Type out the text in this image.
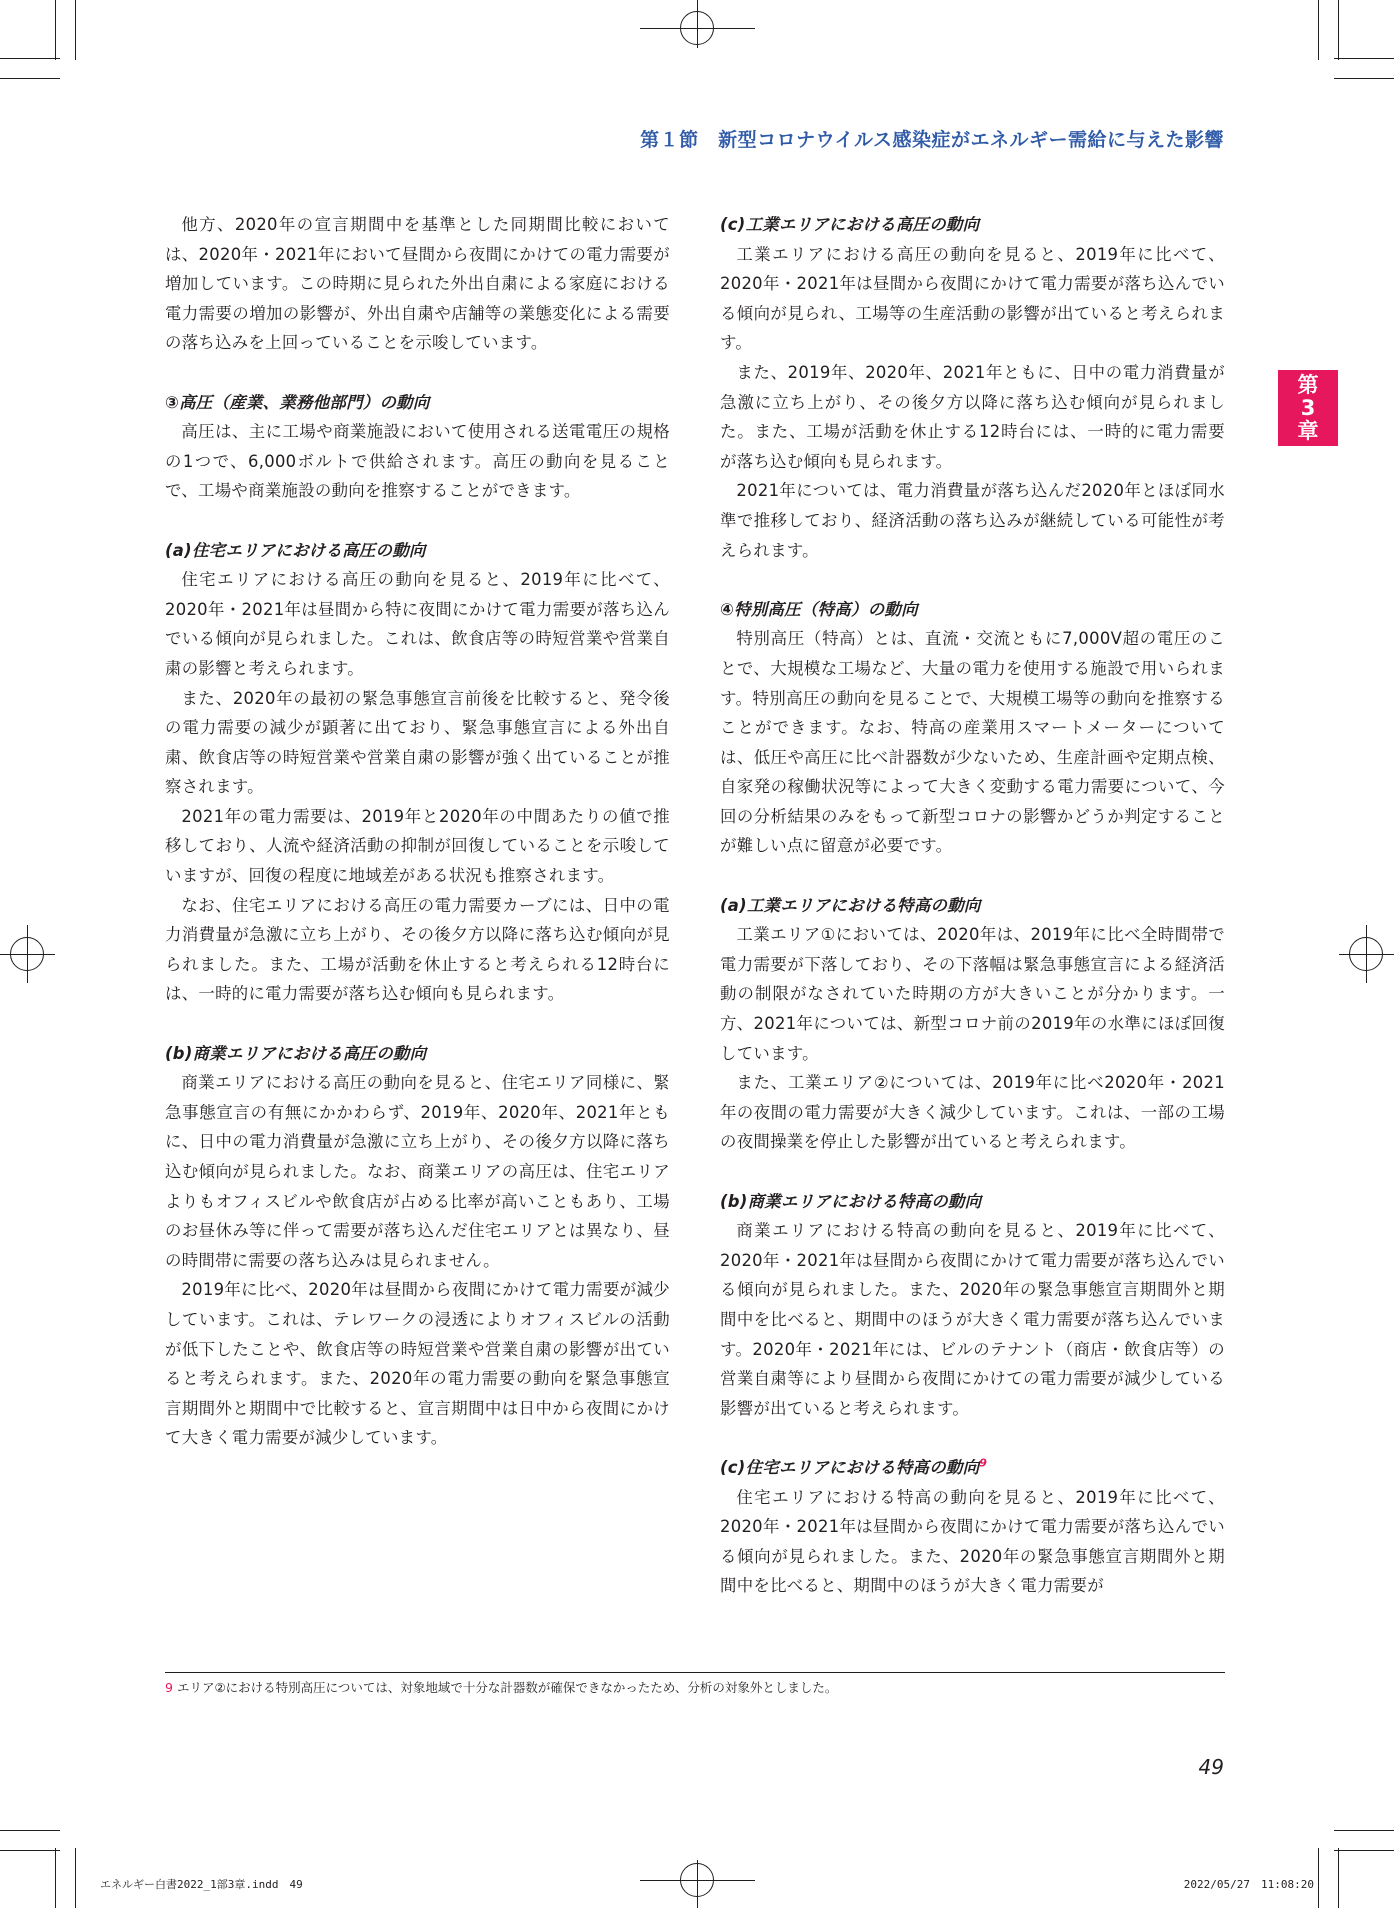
第１節　新型コロナウイルス感染症がエネルギー需給に与えた影響
第
3
章

他方、2020年の宣言期間中を基準とした同期間比較においては、2020年・2021年において昼間から夜間にかけての電力需要が増加しています。この時期に見られた外出自粛による家庭における電力需要の増加の影響が、外出自粛や店舗等の業態変化による需要の落ち込みを上回っていることを示唆しています。

③高圧（産業、業務他部門）の動向

高圧は、主に工場や商業施設において使用される送電電圧の規格の1つで、6,000ボルトで供給されます。高圧の動向を見ることで、工場や商業施設の動向を推察することができます。

(a)住宅エリアにおける高圧の動向

住宅エリアにおける高圧の動向を見ると、2019年に比べて、2020年・2021年は昼間から特に夜間にかけて電力需要が落ち込んでいる傾向が見られました。これは、飲食店等の時短営業や営業自粛の影響と考えられます。

また、2020年の最初の緊急事態宣言前後を比較すると、発令後の電力需要の減少が顕著に出ており、緊急事態宣言による外出自粛、飲食店等の時短営業や営業自粛の影響が強く出ていることが推察されます。

2021年の電力需要は、2019年と2020年の中間あたりの値で推移しており、人流や経済活動の抑制が回復していることを示唆していますが、回復の程度に地域差がある状況も推察されます。

なお、住宅エリアにおける高圧の電力需要カーブには、日中の電力消費量が急激に立ち上がり、その後夕方以降に落ち込む傾向が見られました。また、工場が活動を休止すると考えられる12時台には、一時的に電力需要が落ち込む傾向も見られます。

(b)商業エリアにおける高圧の動向

商業エリアにおける高圧の動向を見ると、住宅エリア同様に、緊急事態宣言の有無にかかわらず、2019年、2020年、2021年ともに、日中の電力消費量が急激に立ち上がり、その後夕方以降に落ち込む傾向が見られました。なお、商業エリアの高圧は、住宅エリアよりもオフィスビルや飲食店が占める比率が高いこともあり、工場のお昼休み等に伴って需要が落ち込んだ住宅エリアとは異なり、昼の時間帯に需要の落ち込みは見られません。

2019年に比べ、2020年は昼間から夜間にかけて電力需要が減少しています。これは、テレワークの浸透によりオフィスビルの活動が低下したことや、飲食店等の時短営業や営業自粛の影響が出ていると考えられます。また、2020年の電力需要の動向を緊急事態宣言期間外と期間中で比較すると、宣言期間中は日中から夜間にかけて大きく電力需要が減少しています。

(c)工業エリアにおける高圧の動向

工業エリアにおける高圧の動向を見ると、2019年に比べて、2020年・2021年は昼間から夜間にかけて電力需要が落ち込んでいる傾向が見られ、工場等の生産活動の影響が出ていると考えられます。

また、2019年、2020年、2021年ともに、日中の電力消費量が急激に立ち上がり、その後夕方以降に落ち込む傾向が見られました。また、工場が活動を休止する12時台には、一時的に電力需要が落ち込む傾向も見られます。

2021年については、電力消費量が落ち込んだ2020年とほぼ同水準で推移しており、経済活動の落ち込みが継続している可能性が考えられます。

④特別高圧（特高）の動向

特別高圧（特高）とは、直流・交流ともに7,000V超の電圧のことで、大規模な工場など、大量の電力を使用する施設で用いられます。特別高圧の動向を見ることで、大規模工場等の動向を推察することができます。なお、特高の産業用スマートメーターについては、低圧や高圧に比べ計器数が少ないため、生産計画や定期点検、自家発の稼働状況等によって大きく変動する電力需要について、今回の分析結果のみをもって新型コロナの影響かどうか判定することが難しい点に留意が必要です。

(a)工業エリアにおける特高の動向

工業エリア①においては、2020年は、2019年に比べ全時間帯で電力需要が下落しており、その下落幅は緊急事態宣言による経済活動の制限がなされていた時期の方が大きいことが分かります。一方、2021年については、新型コロナ前の2019年の水準にほぼ回復しています。

また、工業エリア②については、2019年に比べ2020年・2021年の夜間の電力需要が大きく減少しています。これは、一部の工場の夜間操業を停止した影響が出ていると考えられます。

(b)商業エリアにおける特高の動向

商業エリアにおける特高の動向を見ると、2019年に比べて、2020年・2021年は昼間から夜間にかけて電力需要が落ち込んでいる傾向が見られました。また、2020年の緊急事態宣言期間外と期間中を比べると、期間中のほうが大きく電力需要が落ち込んでいます。2020年・2021年には、ビルのテナント（商店・飲食店等）の営業自粛等により昼間から夜間にかけての電力需要が減少している影響が出ていると考えられます。

(c)住宅エリアにおける特高の動向$^9$

住宅エリアにおける特高の動向を見ると、2019年に比べて、2020年・2021年は昼間から夜間にかけて電力需要が落ち込んでいる傾向が見られました。また、2020年の緊急事態宣言期間外と期間中を比べると、期間中のほうが大きく電力需要が

9 エリア②における特別高圧については、対象地域で十分な計器数が確保できなかったため、分析の対象外としました。
49
エネルギー白書2022_1部3章.indd　49	2022/05/27　11:08:20
